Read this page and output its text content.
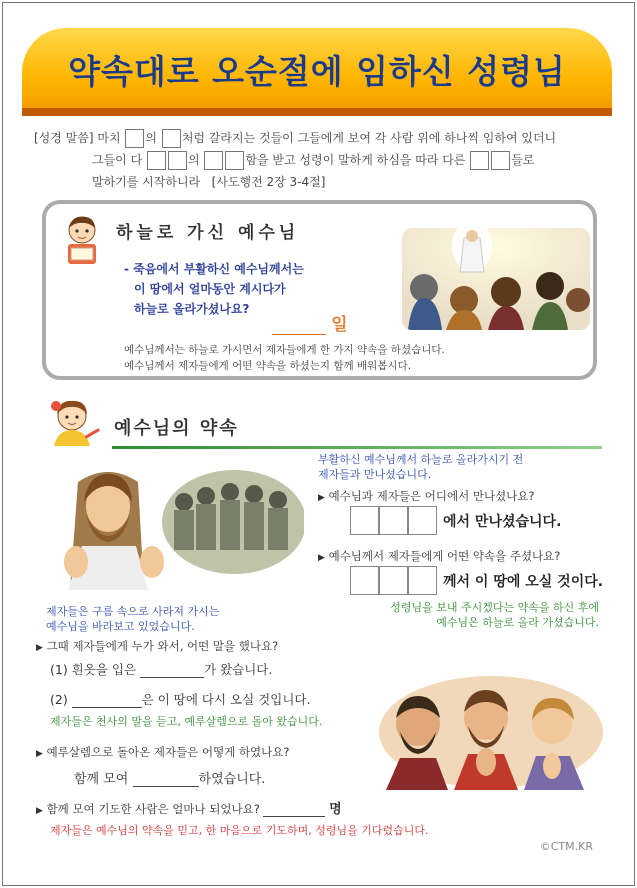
약속대로 오순절에 임하신 성령님
[성경 말씀] 마치 의 처럼 갈라지는 것들이 그들에게 보여 각 사람 위에 하나씩 임하여 있더니
그들이 다	의	함을 받고 성령이 말하게 하심을 따라 다른	들로
말하기를 시작하니라 [사도행전 2장 3-4절]
하늘로 가신 예수님
- 죽음에서 부활하신 예수님께서는
이 땅에서 얼마동안 계시다가
하늘로 올라가셨나요?
일
예수님께서는 하늘로 가시면서 제자들에게 한 가지 약속을 하셨습니다.
예수님께서 제자들에게 어떤 약속을 하셨는지 함께 배워봅시다.
예수님의 약속
부활하신 예수님께서 하늘로 올라가시기 전
제자들과 만나셨습니다.
▶ 예수님과 제자들은 어디에서 만나셨나요?
에서 만나셨습니다.
▶ 예수님께서 제자들에게 어떤 약속을 주셨나요?
께서 이 땅에 오실 것이다.
제자들은 구름 속으로 사라져 가시는
예수님을 바라보고 있었습니다.
성령님을 보내 주시겠다는 약속을 하신 후에
예수님은 하늘로 올라 가셨습니다.
▶ 그때 제자들에게 누가 와서, 어떤 말을 했나요?
(1) 흰옷을 입은	가 왔습니다.
(2)	은 이 땅에 다시 오실 것입니다.
제자들은 천사의 말을 듣고, 예루살렘으로 돌아 왔습니다.
▶ 예루살렘으로 돌아온 제자들은 어떻게 하였나요?
함께 모여	하였습니다.
▶ 함께 모여 기도한 사람은 얼마나 되었나요?	명
제자들은 예수님의 약속을 믿고, 한 마음으로 기도하며, 성령님을 기다렸습니다.
©CTM.KR
